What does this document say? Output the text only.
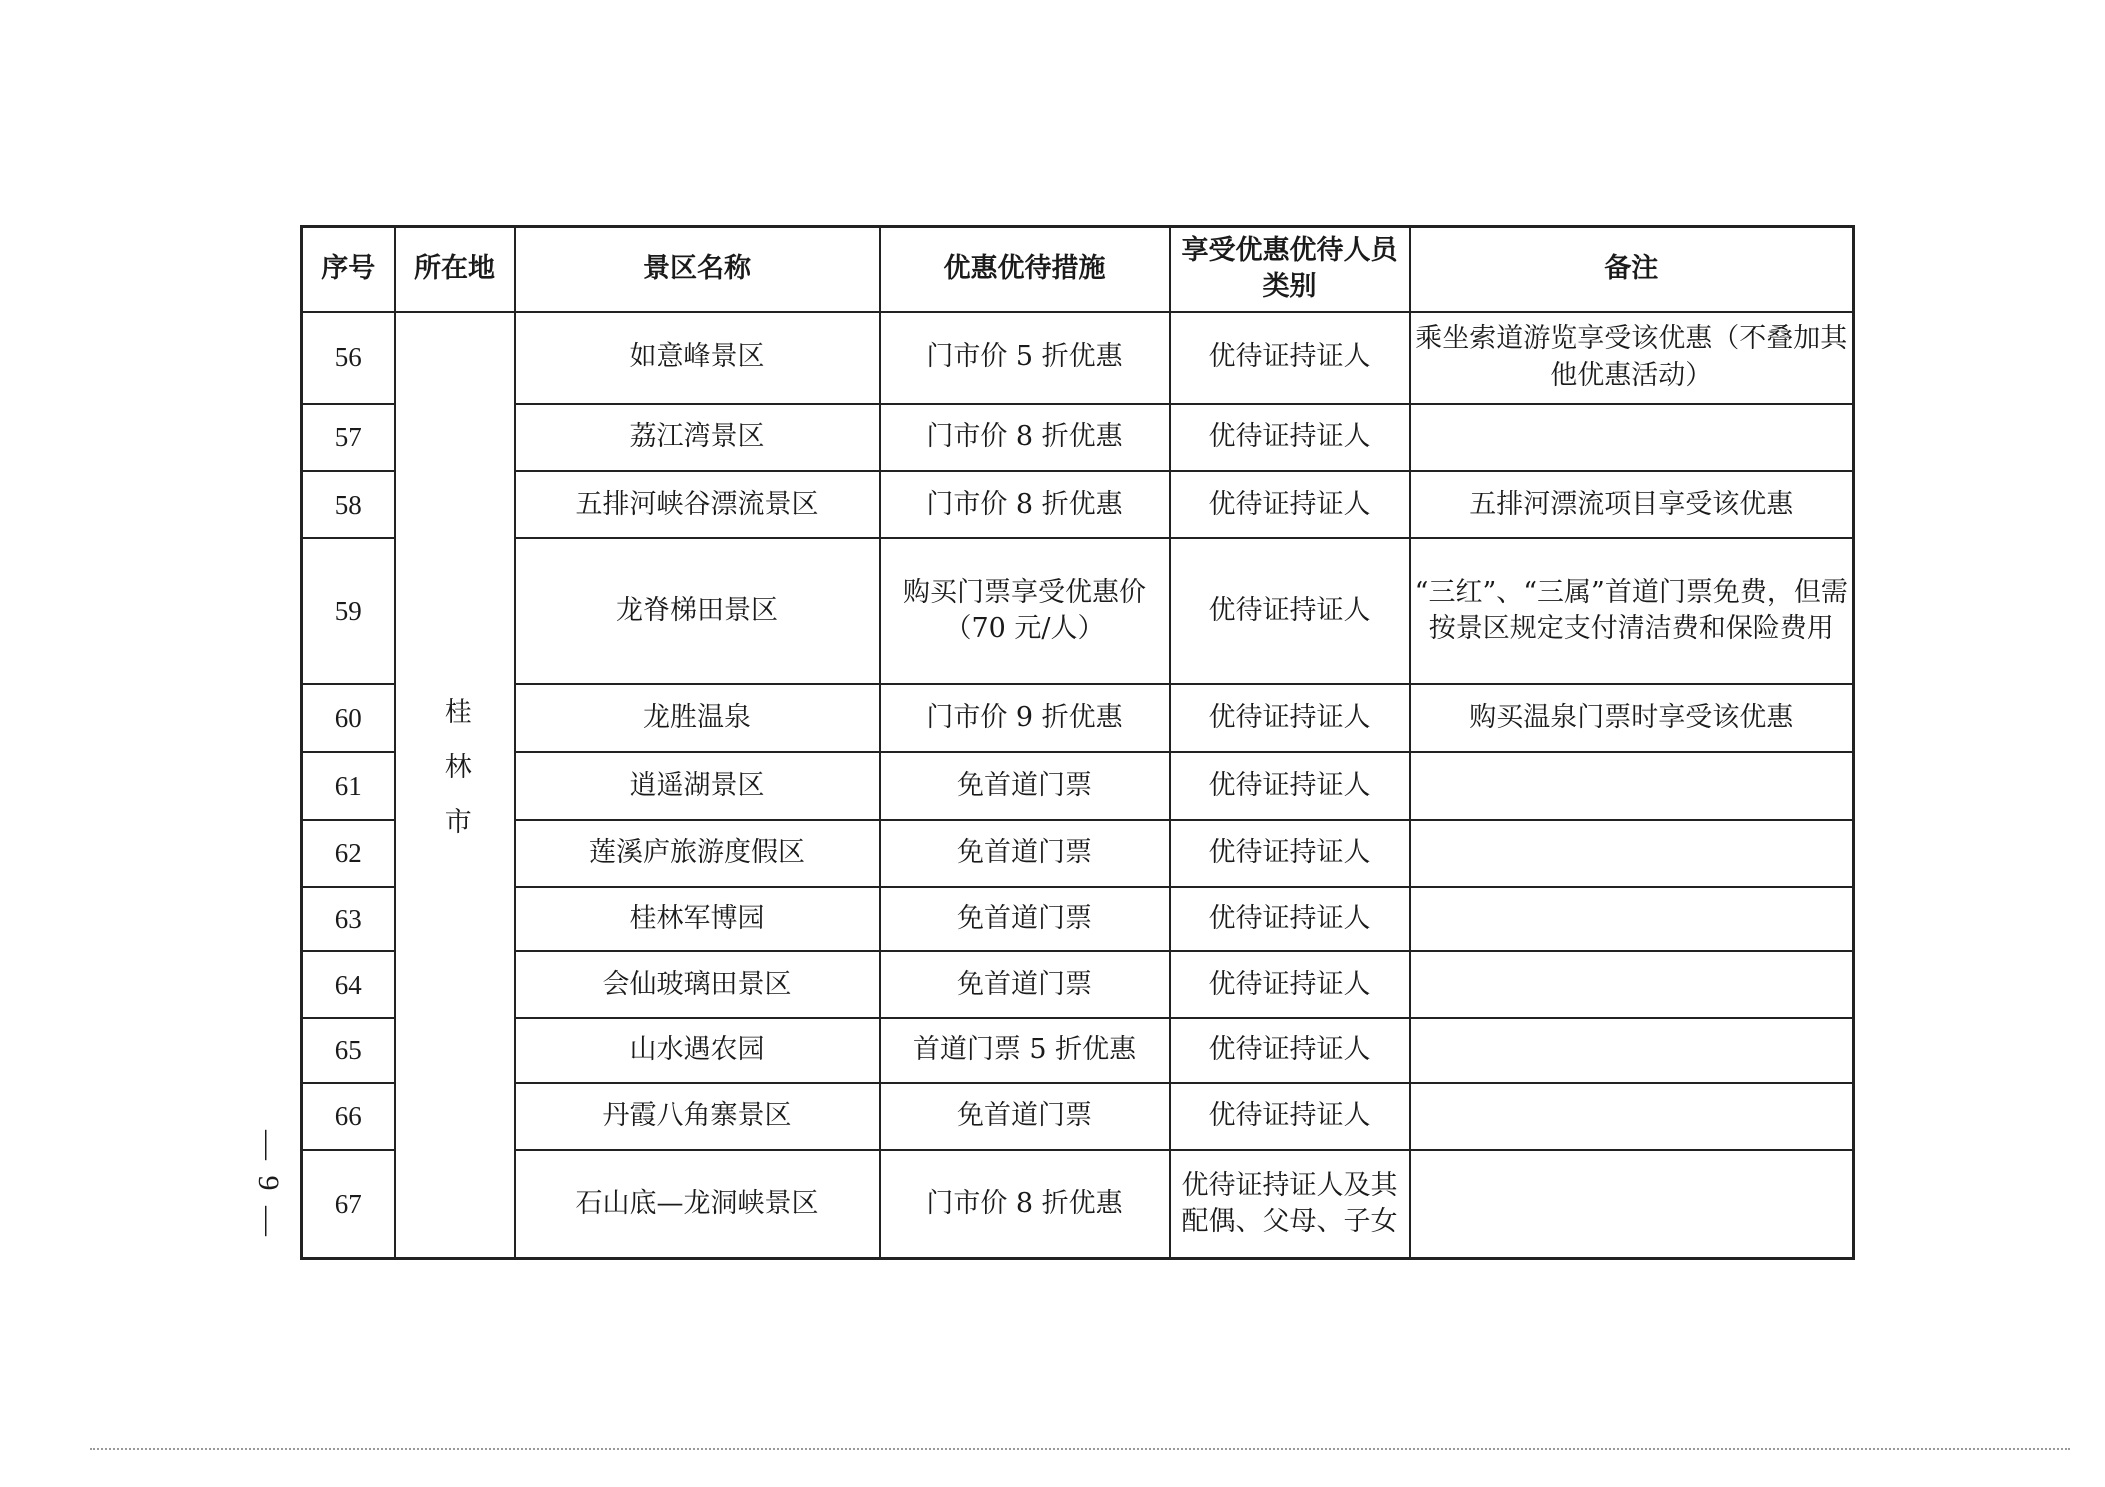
序号	所在地	景区名称	优惠优待措施	享受优惠优待人员类别	备注
56	桂林市	如意峰景区	门市价 5 折优惠	优待证持证人	乘坐索道游览享受该优惠（不叠加其他优惠活动）
57		荔江湾景区	门市价 8 折优惠	优待证持证人	
58		五排河峡谷漂流景区	门市价 8 折优惠	优待证持证人	五排河漂流项目享受该优惠
59		龙脊梯田景区	购买门票享受优惠价（70 元/人）	优待证持证人	“三红”、“三属”首道门票免费，但需按景区规定支付清洁费和保险费用
60		龙胜温泉	门市价 9 折优惠	优待证持证人	购买温泉门票时享受该优惠
61		逍遥湖景区	免首道门票	优待证持证人	
62		莲溪庐旅游度假区	免首道门票	优待证持证人	
63		桂林军博园	免首道门票	优待证持证人	
64		会仙玻璃田景区	免首道门票	优待证持证人	
65		山水遇农园	首道门票 5 折优惠	优待证持证人	
66		丹霞八角寨景区	免首道门票	优待证持证人	
67		石山底—龙洞峡景区	门市价 8 折优惠	优待证持证人及其配偶、父母、子女	
— 9 —
